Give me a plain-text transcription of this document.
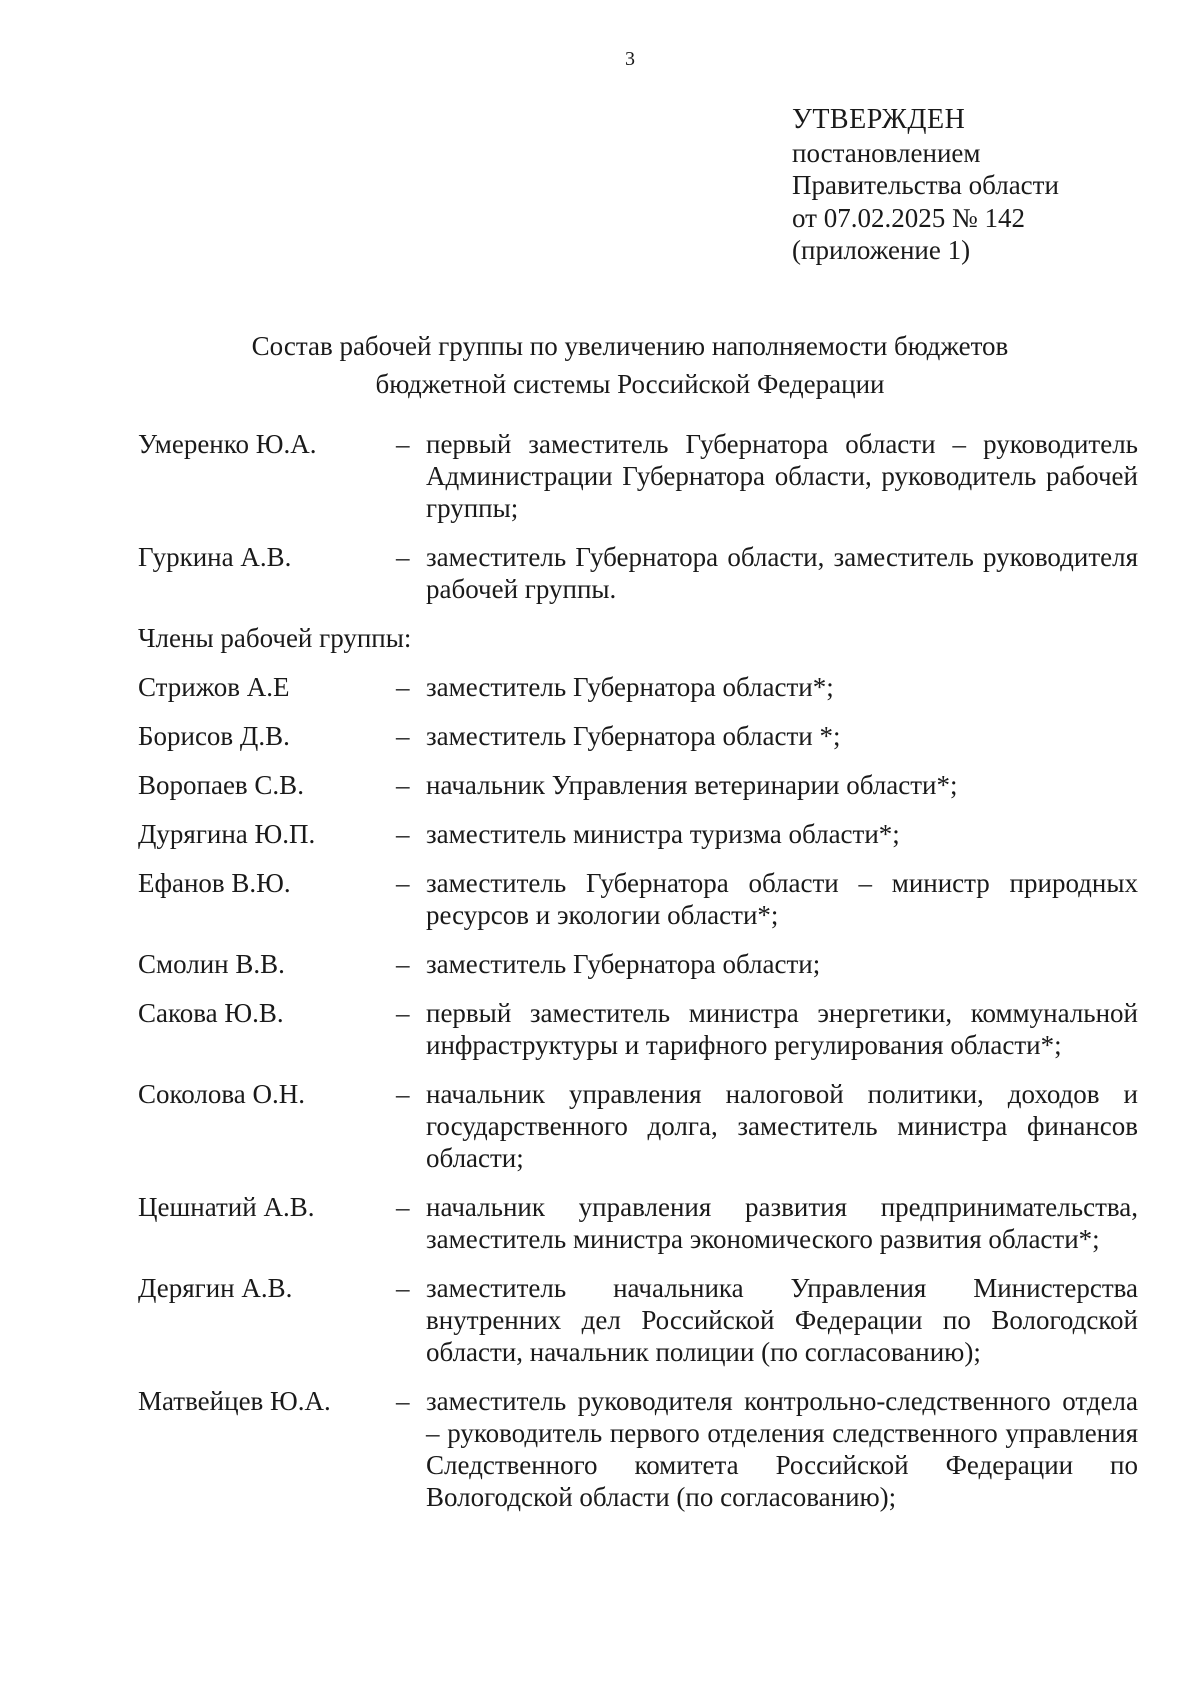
3
УТВЕРЖДЕН
постановлением
Правительства области
от 07.02.2025 № 142
(приложение 1)
Состав рабочей группы по увеличению наполняемости бюджетов
бюджетной системы Российской Федерации
Умеренко Ю.А.	– первый заместитель Губернатора области – руководитель Администрации Губернатора области, руководитель рабочей группы;
Гуркина А.В.	– заместитель Губернатора области, заместитель руководителя рабочей группы.
Члены рабочей группы:
Стрижов А.Е	– заместитель Губернатора области*;
Борисов Д.В.	– заместитель Губернатора области *;
Воропаев С.В.	– начальник Управления ветеринарии области*;
Дурягина Ю.П.	– заместитель министра туризма области*;
Ефанов В.Ю.	– заместитель Губернатора области – министр природных ресурсов и экологии области*;
Смолин В.В.	– заместитель Губернатора области;
Сакова Ю.В.	– первый заместитель министра энергетики, коммунальной инфраструктуры и тарифного регулирования области*;
Соколова О.Н.	– начальник управления налоговой политики, доходов и государственного долга, заместитель министра финансов области;
Цешнатий А.В.	– начальник управления развития предпринимательства, заместитель министра экономического развития области*;
Дерягин А.В.	– заместитель начальника Управления Министерства внутренних дел Российской Федерации по Вологодской области, начальник полиции (по согласованию);
Матвейцев Ю.А.	– заместитель руководителя контрольно-следственного отдела – руководитель первого отделения следственного управления Следственного комитета Российской Федерации по Вологодской области (по согласованию);
